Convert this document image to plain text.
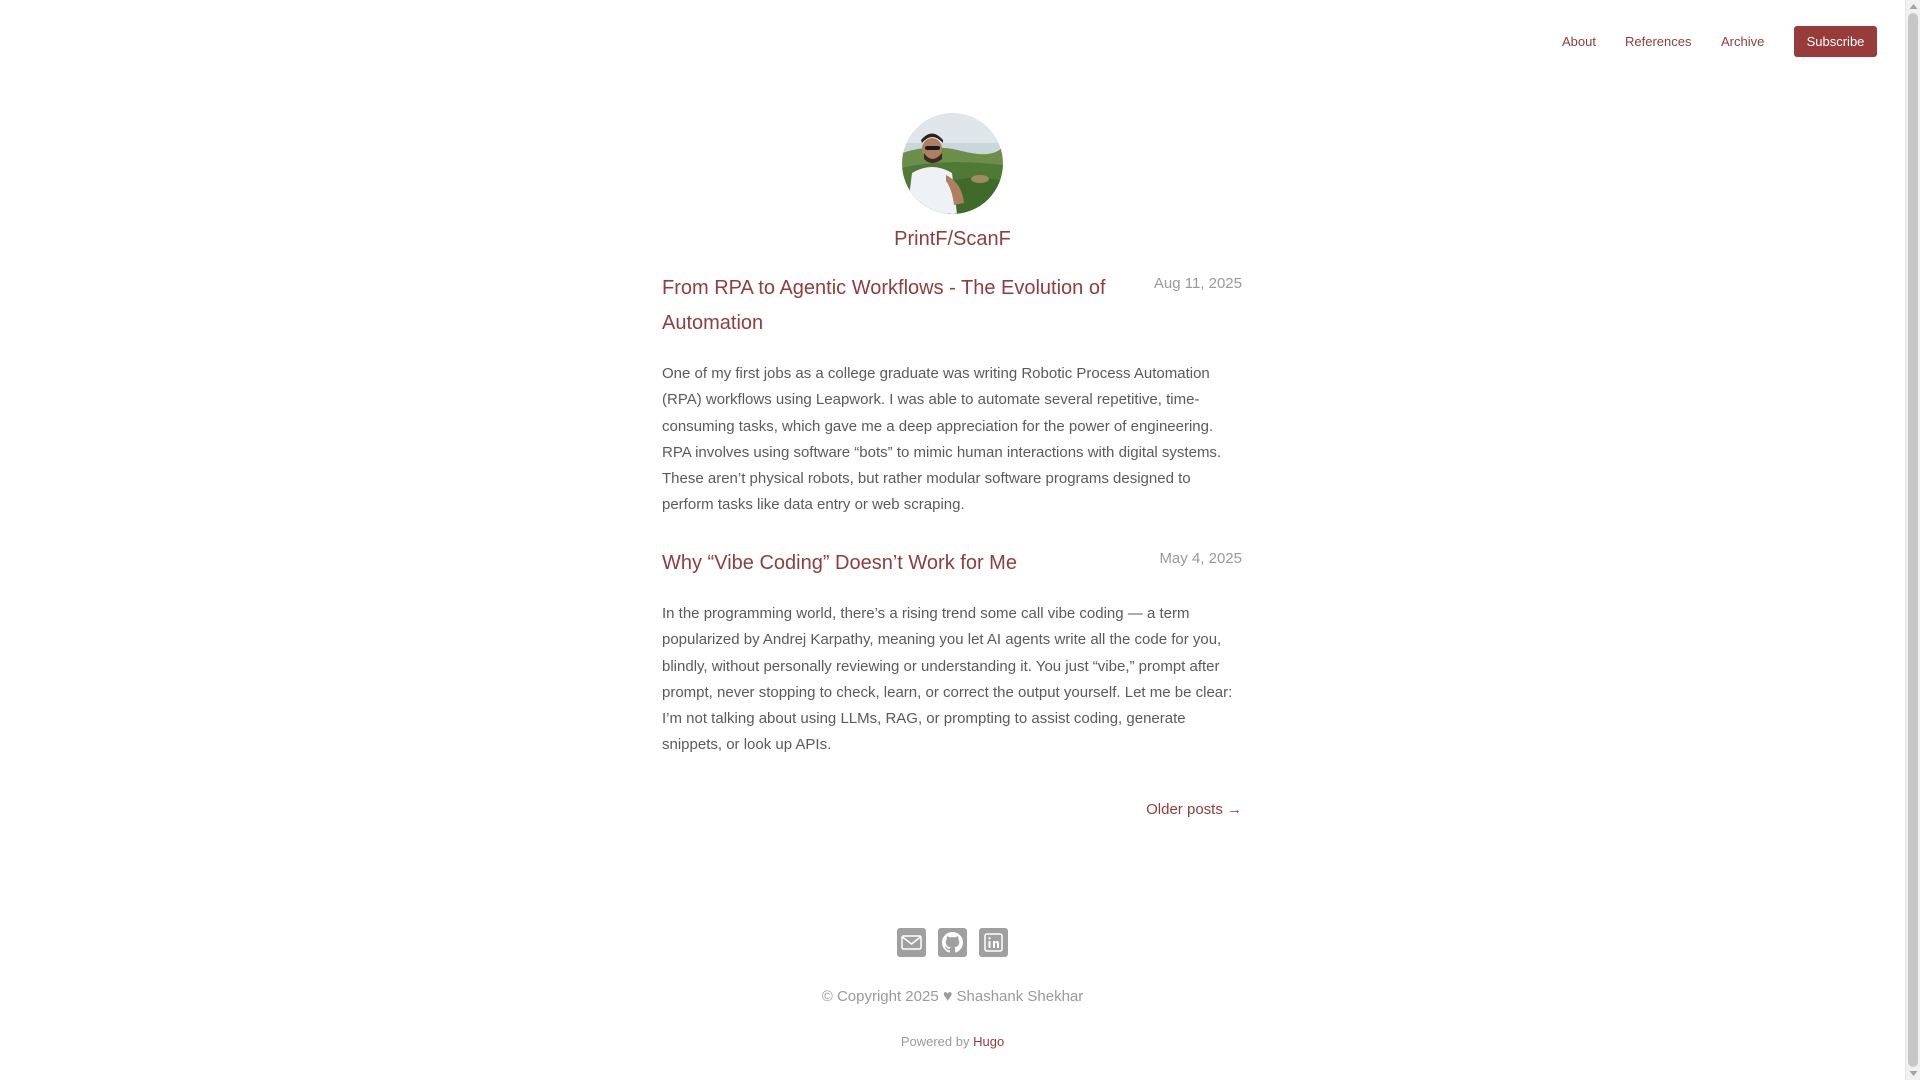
About References Archive	Subscribe
PrintF/ScanF
From RPA to Agentic Workflows - The Evolution of Automation
Aug 11, 2025
One of my first jobs as a college graduate was writing Robotic Process Automation (RPA) workflows using Leapwork. I was able to automate several repetitive, time-consuming tasks, which gave me a deep appreciation for the power of engineering. RPA involves using software “bots” to mimic human interactions with digital systems. These aren’t physical robots, but rather modular software programs designed to perform tasks like data entry or web scraping.
Why “Vibe Coding” Doesn’t Work for Me	May 4, 2025
In the programming world, there’s a rising trend some call vibe coding — a term popularized by Andrej Karpathy, meaning you let AI agents write all the code for you, blindly, without personally reviewing or understanding it. You just “vibe,” prompt after prompt, never stopping to check, learn, or correct the output yourself. Let me be clear: I’m not talking about using LLMs, RAG, or prompting to assist coding, generate snippets, or look up APIs.
Older posts →
© Copyright 2025 ♥ Shashank Shekhar
Powered by Hugo
